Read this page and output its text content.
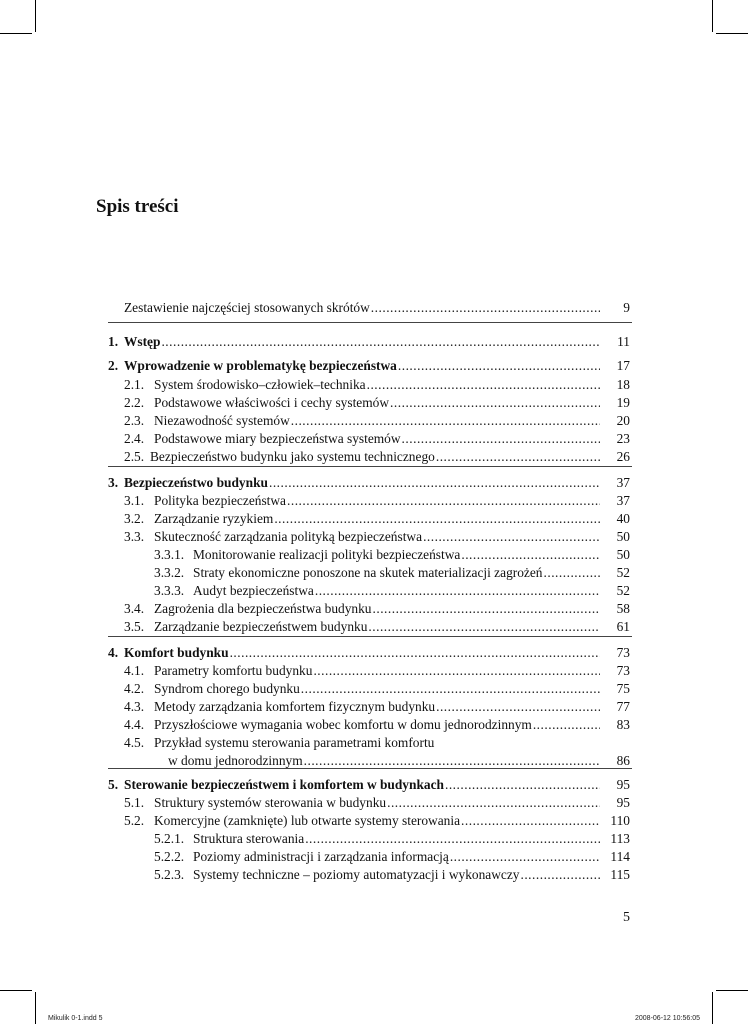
Spis treści
Zestawienie najczęściej stosowanych skrótów .....	9
1. Wstęp .....	11
2. Wprowadzenie w problematykę bezpieczeństwa .....	17
2.1. System środowisko–człowiek–technika .....	18
2.2. Podstawowe właściwości i cechy systemów .....	19
2.3. Niezawodność systemów .....	20
2.4. Podstawowe miary bezpieczeństwa systemów .....	23
2.5. Bezpieczeństwo budynku jako systemu technicznego .....	26
3. Bezpieczeństwo budynku .....	37
3.1. Polityka bezpieczeństwa .....	37
3.2. Zarządzanie ryzykiem .....	40
3.3. Skuteczność zarządzania polityką bezpieczeństwa .....	50
3.3.1. Monitorowanie realizacji polityki bezpieczeństwa .....	50
3.3.2. Straty ekonomiczne ponoszone na skutek materializacji zagrożeń .....	52
3.3.3. Audyt bezpieczeństwa .....	52
3.4. Zagrożenia dla bezpieczeństwa budynku .....	58
3.5. Zarządzanie bezpieczeństwem budynku .....	61
4. Komfort budynku .....	73
4.1. Parametry komfortu budynku .....	73
4.2. Syndrom chorego budynku .....	75
4.3. Metody zarządzania komfortem fizycznym budynku .....	77
4.4. Przyszłościowe wymagania wobec komfortu w domu jednorodzinnym .....	83
4.5. Przykład systemu sterowania parametrami komfortu
w domu jednorodzinnym .....	86
5. Sterowanie bezpieczeństwem i komfortem w budynkach .....	95
5.1. Struktury systemów sterowania w budynku .....	95
5.2. Komercyjne (zamknięte) lub otwarte systemy sterowania .....	110
5.2.1. Struktura sterowania .....	113
5.2.2. Poziomy administracji i zarządzania informacją .....	114
5.2.3. Systemy techniczne – poziomy automatyzacji i wykonawczy .....	115
5
Mikulik 0-1.indd 5	2008-06-12 10:56:05
